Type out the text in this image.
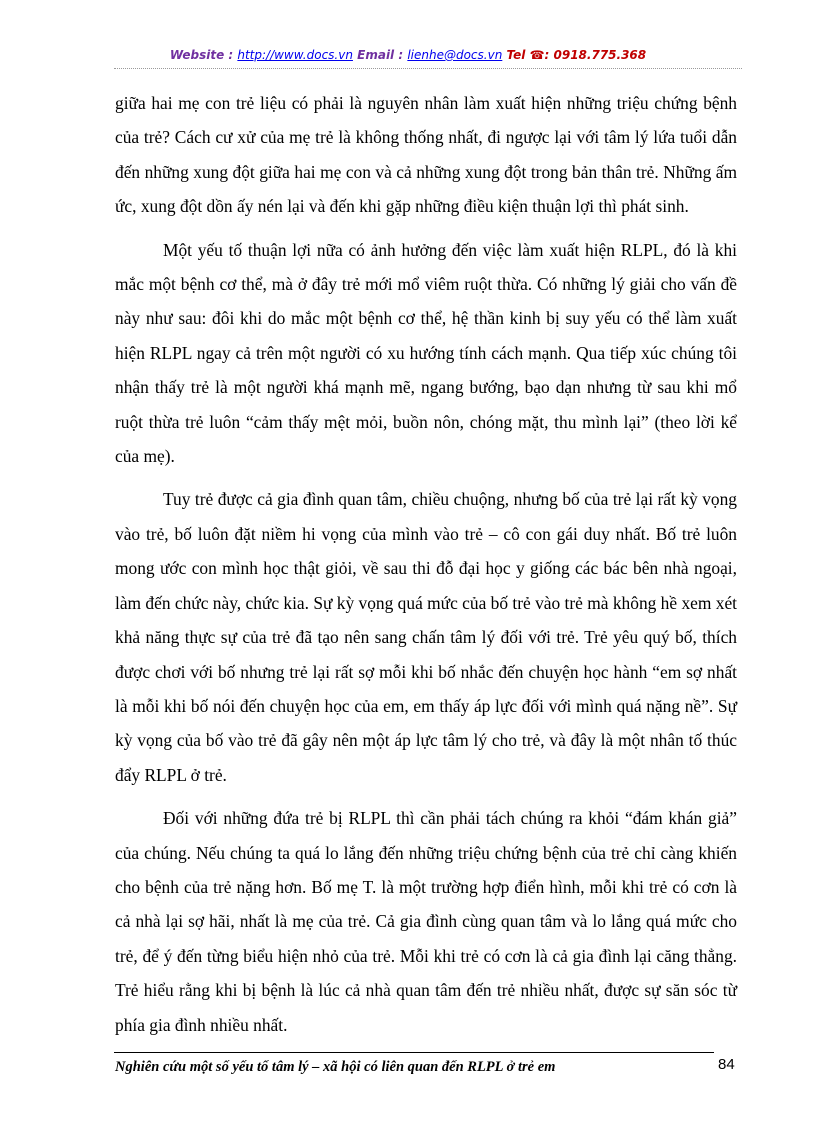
Website : http://www.docs.vn Email : lienhe@docs.vn Tel ☎: 0918.775.368

giữa hai mẹ con trẻ liệu có phải là nguyên nhân làm xuất hiện những triệu chứng bệnh của trẻ? Cách cư xử của mẹ trẻ là không thống nhất, đi ngược lại với tâm lý lứa tuổi dẫn đến những xung đột giữa hai mẹ con và cả những xung đột trong bản thân trẻ. Những ấm ức, xung đột dồn ấy nén lại và đến khi gặp những điều kiện thuận lợi thì phát sinh.

Một yếu tố thuận lợi nữa có ảnh hưởng đến việc làm xuất hiện RLPL, đó là khi mắc một bệnh cơ thể, mà ở đây trẻ mới mổ viêm ruột thừa. Có những lý giải cho vấn đề này như sau: đôi khi do mắc một bệnh cơ thể, hệ thần kinh bị suy yếu có thể làm xuất hiện RLPL ngay cả trên một người có xu hướng tính cách mạnh. Qua tiếp xúc chúng tôi nhận thấy trẻ là một người khá mạnh mẽ, ngang bướng, bạo dạn nhưng từ sau khi mổ ruột thừa trẻ luôn “cảm thấy mệt mỏi, buồn nôn, chóng mặt, thu mình lại” (theo lời kể của mẹ).

Tuy trẻ được cả gia đình quan tâm, chiều chuộng, nhưng bố của trẻ lại rất kỳ vọng vào trẻ, bố luôn đặt niềm hi vọng của mình vào trẻ – cô con gái duy nhất. Bố trẻ luôn mong ước con mình học thật giỏi, về sau thi đỗ đại học y giống các bác bên nhà ngoại, làm đến chức này, chức kia. Sự kỳ vọng quá mức của bố trẻ vào trẻ mà không hề xem xét khả năng thực sự của trẻ đã tạo nên sang chấn tâm lý đối với trẻ. Trẻ yêu quý bố, thích được chơi với bố nhưng trẻ lại rất sợ mỗi khi bố nhắc đến chuyện học hành “em sợ nhất là mỗi khi bố nói đến chuyện học của em, em thấy áp lực đối với mình quá nặng nề”. Sự kỳ vọng của bố vào trẻ đã gây nên một áp lực tâm lý cho trẻ, và đây là một nhân tố thúc đẩy RLPL ở trẻ.

Đối với những đứa trẻ bị RLPL thì cần phải tách chúng ra khỏi “đám khán giả” của chúng. Nếu chúng ta quá lo lắng đến những triệu chứng bệnh của trẻ chỉ càng khiến cho bệnh của trẻ nặng hơn. Bố mẹ T. là một trường hợp điển hình, mỗi khi trẻ có cơn là cả nhà lại sợ hãi, nhất là mẹ của trẻ. Cả gia đình cùng quan tâm và lo lắng quá mức cho trẻ, để ý đến từng biểu hiện nhỏ của trẻ. Mỗi khi trẻ có cơn là cả gia đình lại căng thẳng. Trẻ hiểu rằng khi bị bệnh là lúc cả nhà quan tâm đến trẻ nhiều nhất, được sự săn sóc từ phía gia đình nhiều nhất.

Nghiên cứu một số yếu tố tâm lý – xã hội có liên quan đến RLPL ở trẻ em	84
